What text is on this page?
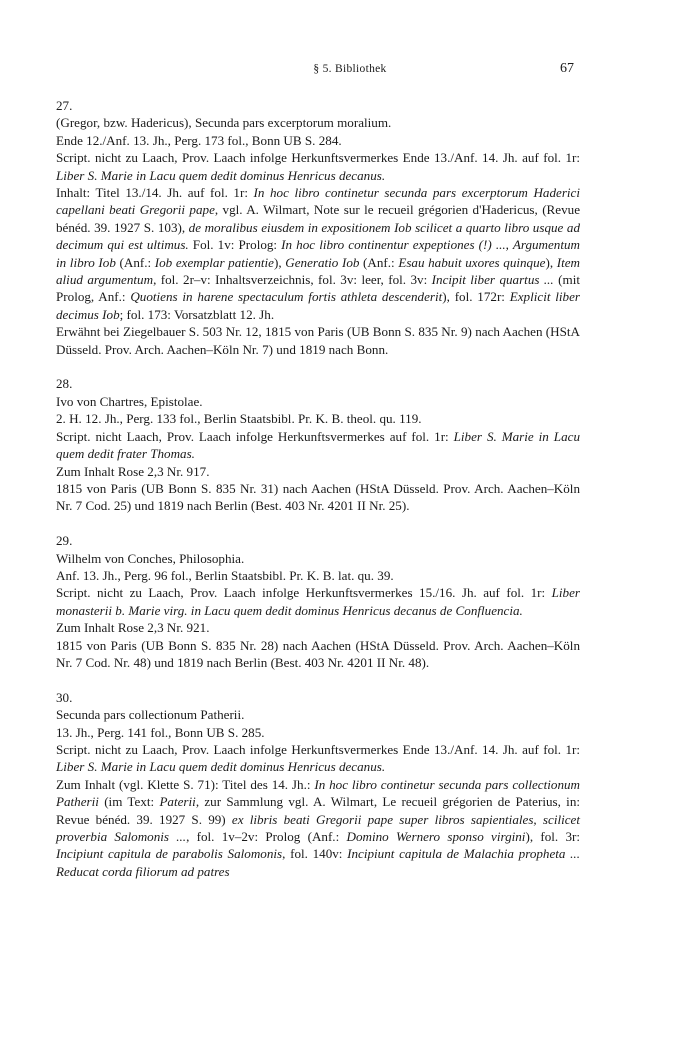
§ 5. Bibliothek	67

27.

(Gregor, bzw. Hadericus), Secunda pars excerptorum moralium.

Ende 12./Anf. 13. Jh., Perg. 173 fol., Bonn UB S. 284.

Script. nicht zu Laach, Prov. Laach infolge Herkunftsvermerkes Ende 13./Anf. 14. Jh. auf fol. 1r: Liber S. Marie in Lacu quem dedit dominus Henricus decanus.

Inhalt: Titel 13./14. Jh. auf fol. 1r: In hoc libro continetur secunda pars excerptorum Haderici capellani beati Gregorii pape, vgl. A. Wilmart, Note sur le recueil grégorien d'Hadericus, (Revue bénéd. 39. 1927 S. 103), de moralibus eiusdem in expositionem Iob scilicet a quarto libro usque ad decimum qui est ultimus. Fol. 1v: Prolog: In hoc libro continentur expeptiones (!) ..., Argumentum in libro Iob (Anf.: Iob exemplar patientie), Generatio Iob (Anf.: Esau habuit uxores quinque), Item aliud argumentum, fol. 2r–v: Inhaltsverzeichnis, fol. 3v: leer, fol. 3v: Incipit liber quartus ... (mit Prolog, Anf.: Quotiens in harene spectaculum fortis athleta descenderit), fol. 172r: Explicit liber decimus Iob; fol. 173: Vorsatzblatt 12. Jh.

Erwähnt bei Ziegelbauer S. 503 Nr. 12, 1815 von Paris (UB Bonn S. 835 Nr. 9) nach Aachen (HStA Düsseld. Prov. Arch. Aachen–Köln Nr. 7) und 1819 nach Bonn.

28.

Ivo von Chartres, Epistolae.

2. H. 12. Jh., Perg. 133 fol., Berlin Staatsbibl. Pr. K. B. theol. qu. 119.

Script. nicht Laach, Prov. Laach infolge Herkunftsvermerkes auf fol. 1r: Liber S. Marie in Lacu quem dedit frater Thomas.

Zum Inhalt Rose 2,3 Nr. 917.

1815 von Paris (UB Bonn S. 835 Nr. 31) nach Aachen (HStA Düsseld. Prov. Arch. Aachen–Köln Nr. 7 Cod. 25) und 1819 nach Berlin (Best. 403 Nr. 4201 II Nr. 25).

29.

Wilhelm von Conches, Philosophia.

Anf. 13. Jh., Perg. 96 fol., Berlin Staatsbibl. Pr. K. B. lat. qu. 39.

Script. nicht zu Laach, Prov. Laach infolge Herkunftsvermerkes 15./16. Jh. auf fol. 1r: Liber monasterii b. Marie virg. in Lacu quem dedit dominus Henricus decanus de Confluencia.

Zum Inhalt Rose 2,3 Nr. 921.

1815 von Paris (UB Bonn S. 835 Nr. 28) nach Aachen (HStA Düsseld. Prov. Arch. Aachen–Köln Nr. 7 Cod. Nr. 48) und 1819 nach Berlin (Best. 403 Nr. 4201 II Nr. 48).

30.

Secunda pars collectionum Patherii.

13. Jh., Perg. 141 fol., Bonn UB S. 285.

Script. nicht zu Laach, Prov. Laach infolge Herkunftsvermerkes Ende 13./Anf. 14. Jh. auf fol. 1r: Liber S. Marie in Lacu quem dedit dominus Henricus decanus.

Zum Inhalt (vgl. Klette S. 71): Titel des 14. Jh.: In hoc libro continetur secunda pars collectionum Patherii (im Text: Paterii, zur Sammlung vgl. A. Wilmart, Le recueil grégorien de Paterius, in: Revue bénéd. 39. 1927 S. 99) ex libris beati Gregorii pape super libros sapientiales, scilicet proverbia Salomonis ..., fol. 1v–2v: Prolog (Anf.: Domino Wernero sponso virgini), fol. 3r: Incipiunt capitula de parabolis Salomonis, fol. 140v: Incipiunt capitula de Malachia propheta ... Reducat corda filiorum ad patres
